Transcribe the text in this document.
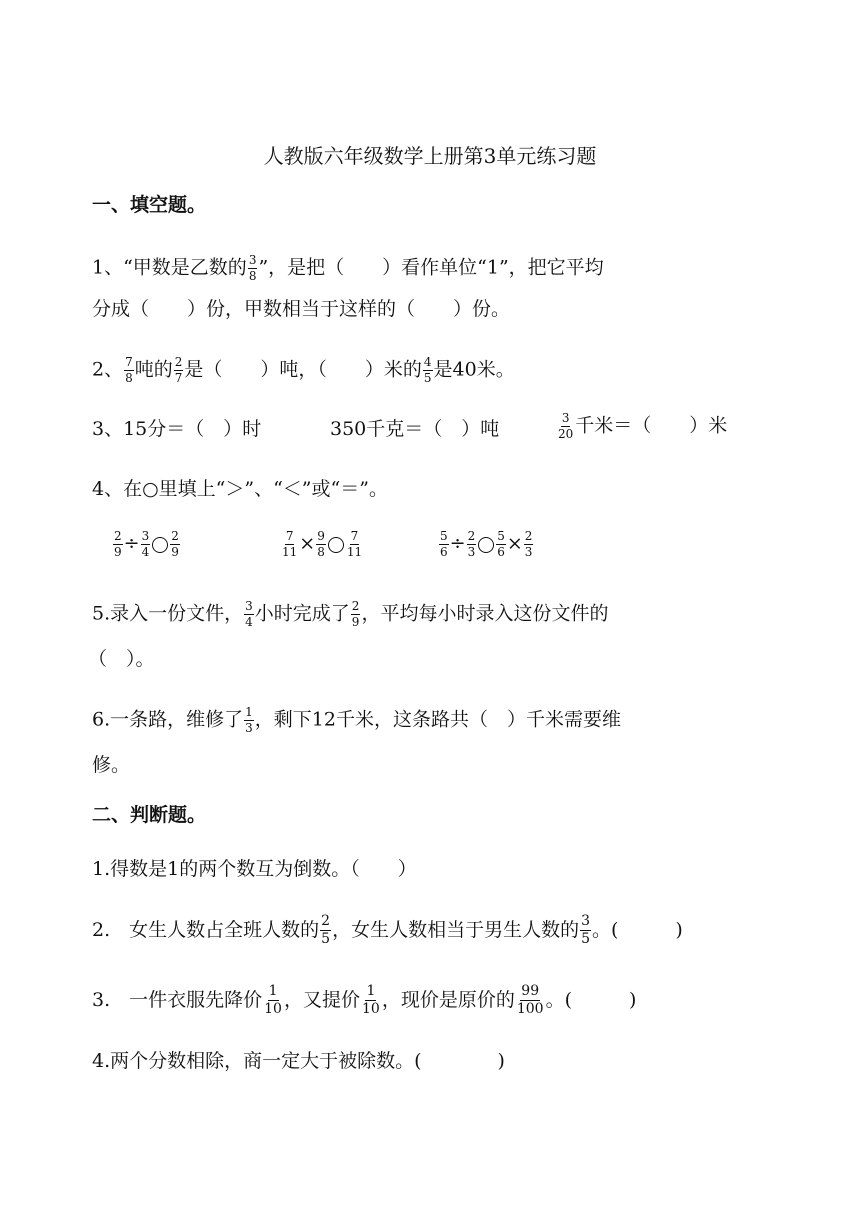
人教版六年级数学上册第3单元练习题
一、填空题。
1、“甲数是乙数的 $\frac{3}{8}$ ”，是把（　　）看作单位“1”，把它平均
分成（　　）份，甲数相当于这样的（　　）份。
2、 $\frac{7}{8}$ 吨的 $\frac{2}{7}$ 是（　　）吨，（　　）米的 $\frac{4}{5}$ 是40米。
3、15分＝（　）时	350千克＝（　）吨	$\frac{3}{20}$ 千米＝（　　）米
4、在○里填上“＞”、“＜”或“＝”。
$\frac{2}{9} \div \frac{3}{4} \frac{2}{9}$	$\frac{7}{11} \times \frac{9}{8} \frac{7}{11}$	$\frac{5}{6} \div \frac{2}{3} \frac{5}{6} \times \frac{2}{3}$
5.录入一份文件， $\frac{3}{4}$ 小时完成了 $\frac{2}{9}$ ，平均每小时录入这份文件的
（　）。
6.一条路，维修了 $\frac{1}{3}$ ，剩下12千米，这条路共（　）千米需要维
修。
二、判断题。
1.得数是1的两个数互为倒数。（　　）
2.　女生人数占全班人数的 $\frac{2}{5}$ ，女生人数相当于男生人数的 $\frac{3}{5}$ 。(　　　)
3.　一件衣服先降价 $\frac{1}{10}$ ，又提价 $\frac{1}{10}$ ，现价是原价的 $\frac{99}{100}$ 。(　　　)
4.两个分数相除，商一定大于被除数。(　　　　)
